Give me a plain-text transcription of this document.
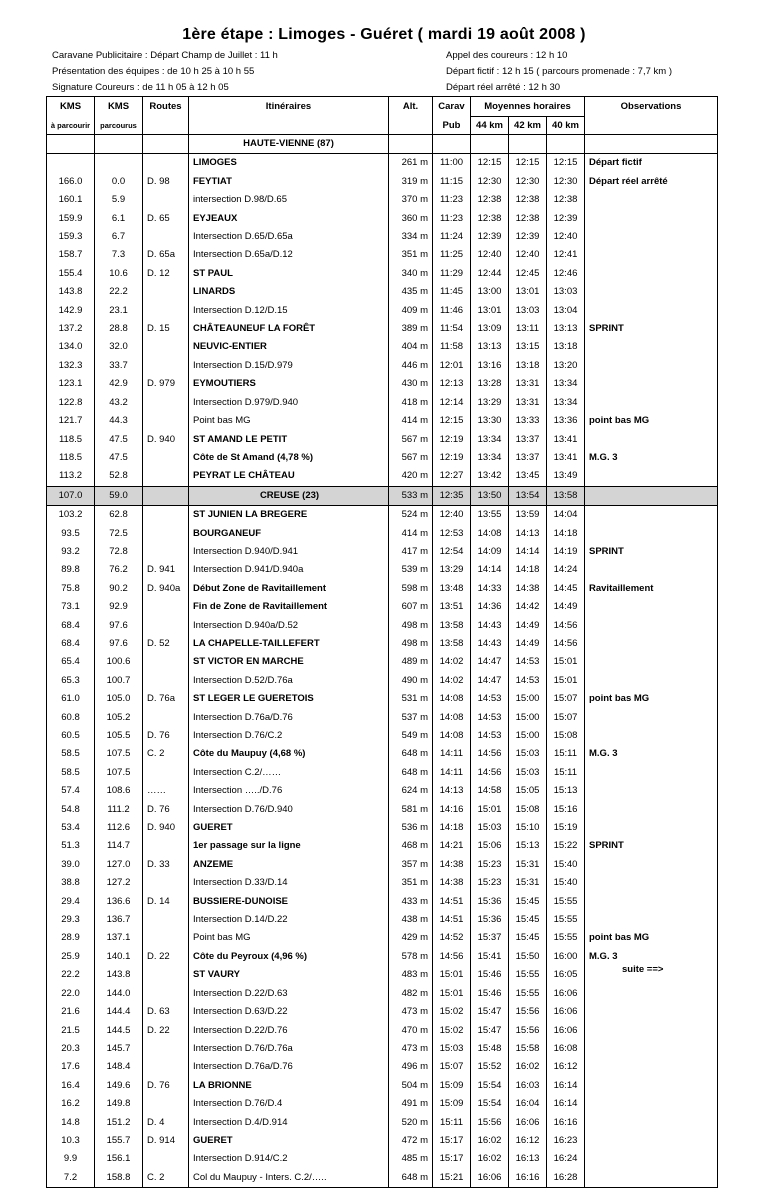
1ère étape : Limoges - Guéret ( mardi 19 août 2008 )
Caravane Publicitaire : Départ Champ de Juillet : 11 h
Présentation des équipes : de 10 h 25 à 10 h 55
Signature Coureurs : de 11 h 05 à 12 h 05
Appel des coureurs : 12 h 10
Départ fictif : 12 h 15 ( parcours promenade : 7,7 km )
Départ réel arrêté : 12 h 30
KMS	KMS	Routes	Itinéraires	Alt.	Carav	Moyennes horaires			Observations
à parcourir	parcourus				Pub	44 km	42 km	40 km	
			HAUTE-VIENNE (87)						
			LIMOGES	261 m	11:00	12:15	12:15	12:15	Départ fictif
166.0	0.0	D. 98	FEYTIAT	319 m	11:15	12:30	12:30	12:30	Départ réel arrêté
160.1	5.9		intersection D.98/D.65	370 m	11:23	12:38	12:38	12:38	
159.9	6.1	D. 65	EYJEAUX	360 m	11:23	12:38	12:38	12:39	
159.3	6.7		Intersection D.65/D.65a	334 m	11:24	12:39	12:39	12:40	
158.7	7.3	D. 65a	Intersection D.65a/D.12	351 m	11:25	12:40	12:40	12:41	
155.4	10.6	D. 12	ST PAUL	340 m	11:29	12:44	12:45	12:46	
143.8	22.2		LINARDS	435 m	11:45	13:00	13:01	13:03	
142.9	23.1		Intersection D.12/D.15	409 m	11:46	13:01	13:03	13:04	
137.2	28.8	D. 15	CHÂTEAUNEUF LA FORÊT	389 m	11:54	13:09	13:11	13:13	SPRINT
134.0	32.0		NEUVIC-ENTIER	404 m	11:58	13:13	13:15	13:18	
132.3	33.7		Intersection D.15/D.979	446 m	12:01	13:16	13:18	13:20	
123.1	42.9	D. 979	EYMOUTIERS	430 m	12:13	13:28	13:31	13:34	
122.8	43.2		Intersection D.979/D.940	418 m	12:14	13:29	13:31	13:34	
121.7	44.3		Point bas MG	414 m	12:15	13:30	13:33	13:36	point bas MG
118.5	47.5	D. 940	ST AMAND LE PETIT	567 m	12:19	13:34	13:37	13:41	
118.5	47.5		Côte de St Amand (4,78 %)	567 m	12:19	13:34	13:37	13:41	M.G. 3
113.2	52.8		PEYRAT LE CHÂTEAU	420 m	12:27	13:42	13:45	13:49	
107.0	59.0		CREUSE (23)	533 m	12:35	13:50	13:54	13:58	
103.2	62.8		ST JUNIEN LA BREGERE	524 m	12:40	13:55	13:59	14:04	
93.5	72.5		BOURGANEUF	414 m	12:53	14:08	14:13	14:18	
93.2	72.8		Intersection D.940/D.941	417 m	12:54	14:09	14:14	14:19	SPRINT
89.8	76.2	D. 941	Intersection D.941/D.940a	539 m	13:29	14:14	14:18	14:24	
75.8	90.2	D. 940a	Début Zone de Ravitaillement	598 m	13:48	14:33	14:38	14:45	Ravitaillement
73.1	92.9		Fin de Zone de Ravitaillement	607 m	13:51	14:36	14:42	14:49	
68.4	97.6		Intersection D.940a/D.52	498 m	13:58	14:43	14:49	14:56	
68.4	97.6	D. 52	LA CHAPELLE-TAILLEFERT	498 m	13:58	14:43	14:49	14:56	
65.4	100.6		ST VICTOR EN MARCHE	489 m	14:02	14:47	14:53	15:01	
65.3	100.7		Intersection D.52/D.76a	490 m	14:02	14:47	14:53	15:01	
61.0	105.0	D. 76a	ST LEGER LE GUERETOIS	531 m	14:08	14:53	15:00	15:07	point bas MG
60.8	105.2		Intersection D.76a/D.76	537 m	14:08	14:53	15:00	15:07	
60.5	105.5	D. 76	Intersection D.76/C.2	549 m	14:08	14:53	15:00	15:08	
58.5	107.5	C. 2	Côte du Maupuy (4,68 %)	648 m	14:11	14:56	15:03	15:11	M.G. 3
58.5	107.5		Intersection C.2/……	648 m	14:11	14:56	15:03	15:11	
57.4	108.6	……	Intersection …../D.76	624 m	14:13	14:58	15:05	15:13	
54.8	111.2	D. 76	Intersection D.76/D.940	581 m	14:16	15:01	15:08	15:16	
53.4	112.6	D. 940	GUERET	536 m	14:18	15:03	15:10	15:19	
51.3	114.7		1er passage sur la ligne	468 m	14:21	15:06	15:13	15:22	SPRINT
39.0	127.0	D. 33	ANZEME	357 m	14:38	15:23	15:31	15:40	
38.8	127.2		Intersection D.33/D.14	351 m	14:38	15:23	15:31	15:40	
29.4	136.6	D. 14	BUSSIERE-DUNOISE	433 m	14:51	15:36	15:45	15:55	
29.3	136.7		Intersection D.14/D.22	438 m	14:51	15:36	15:45	15:55	
28.9	137.1		Point bas MG	429 m	14:52	15:37	15:45	15:55	point bas MG
25.9	140.1	D. 22	Côte du Peyroux (4,96 %)	578 m	14:56	15:41	15:50	16:00	M.G. 3
22.2	143.8		ST VAURY	483 m	15:01	15:46	15:55	16:05	
22.0	144.0		Intersection D.22/D.63	482 m	15:01	15:46	15:55	16:06	
21.6	144.4	D. 63	Intersection D.63/D.22	473 m	15:02	15:47	15:56	16:06	
21.5	144.5	D. 22	Intersection D.22/D.76	470 m	15:02	15:47	15:56	16:06	
20.3	145.7		Intersection D.76/D.76a	473 m	15:03	15:48	15:58	16:08	
17.6	148.4		Intersection D.76a/D.76	496 m	15:07	15:52	16:02	16:12	
16.4	149.6	D. 76	LA BRIONNE	504 m	15:09	15:54	16:03	16:14	
16.2	149.8		Intersection D.76/D.4	491 m	15:09	15:54	16:04	16:14	
14.8	151.2	D. 4	Intersection D.4/D.914	520 m	15:11	15:56	16:06	16:16	
10.3	155.7	D. 914	GUERET	472 m	15:17	16:02	16:12	16:23	
9.9	156.1		Intersection D.914/C.2	485 m	15:17	16:02	16:13	16:24	
7.2	158.8	C. 2	Col du Maupuy - Inters. C.2/…..	648 m	15:21	16:06	16:16	16:28	
suite ==>
